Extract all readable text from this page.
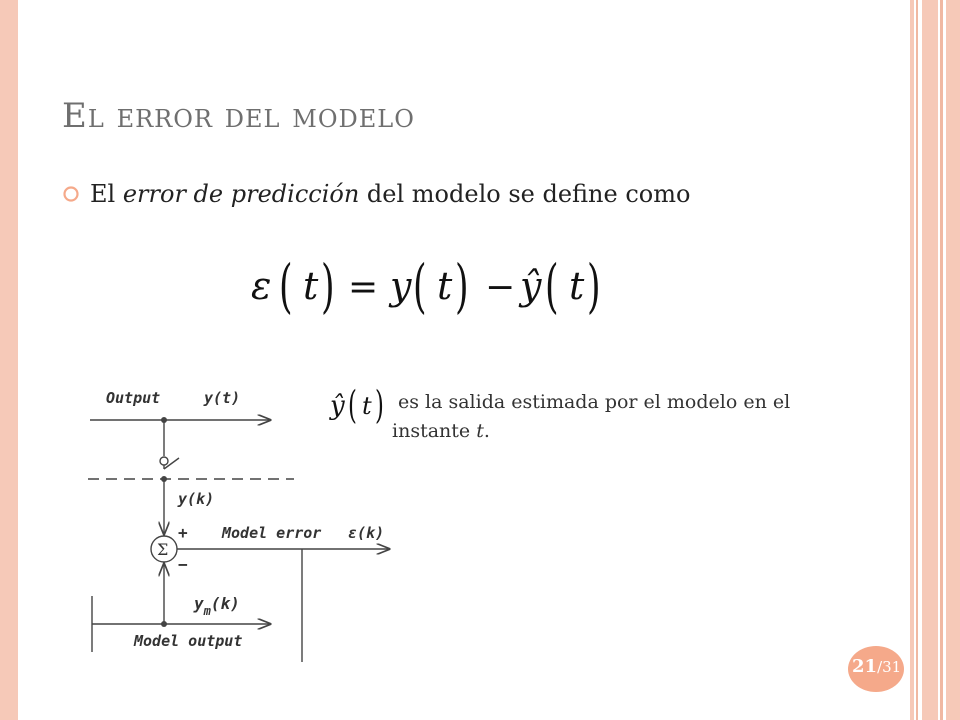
El error del modelo
El error de predicción del modelo se define como
ε ( t ) = y ( t ) − ŷ ( t )
ŷ ( t ) es la salida estimada por el modelo en el
instante t.
Output	y(t)
y(k)
+
−
Σ
Model error ε(k)
$y_m(k)$
Model output
21/31
